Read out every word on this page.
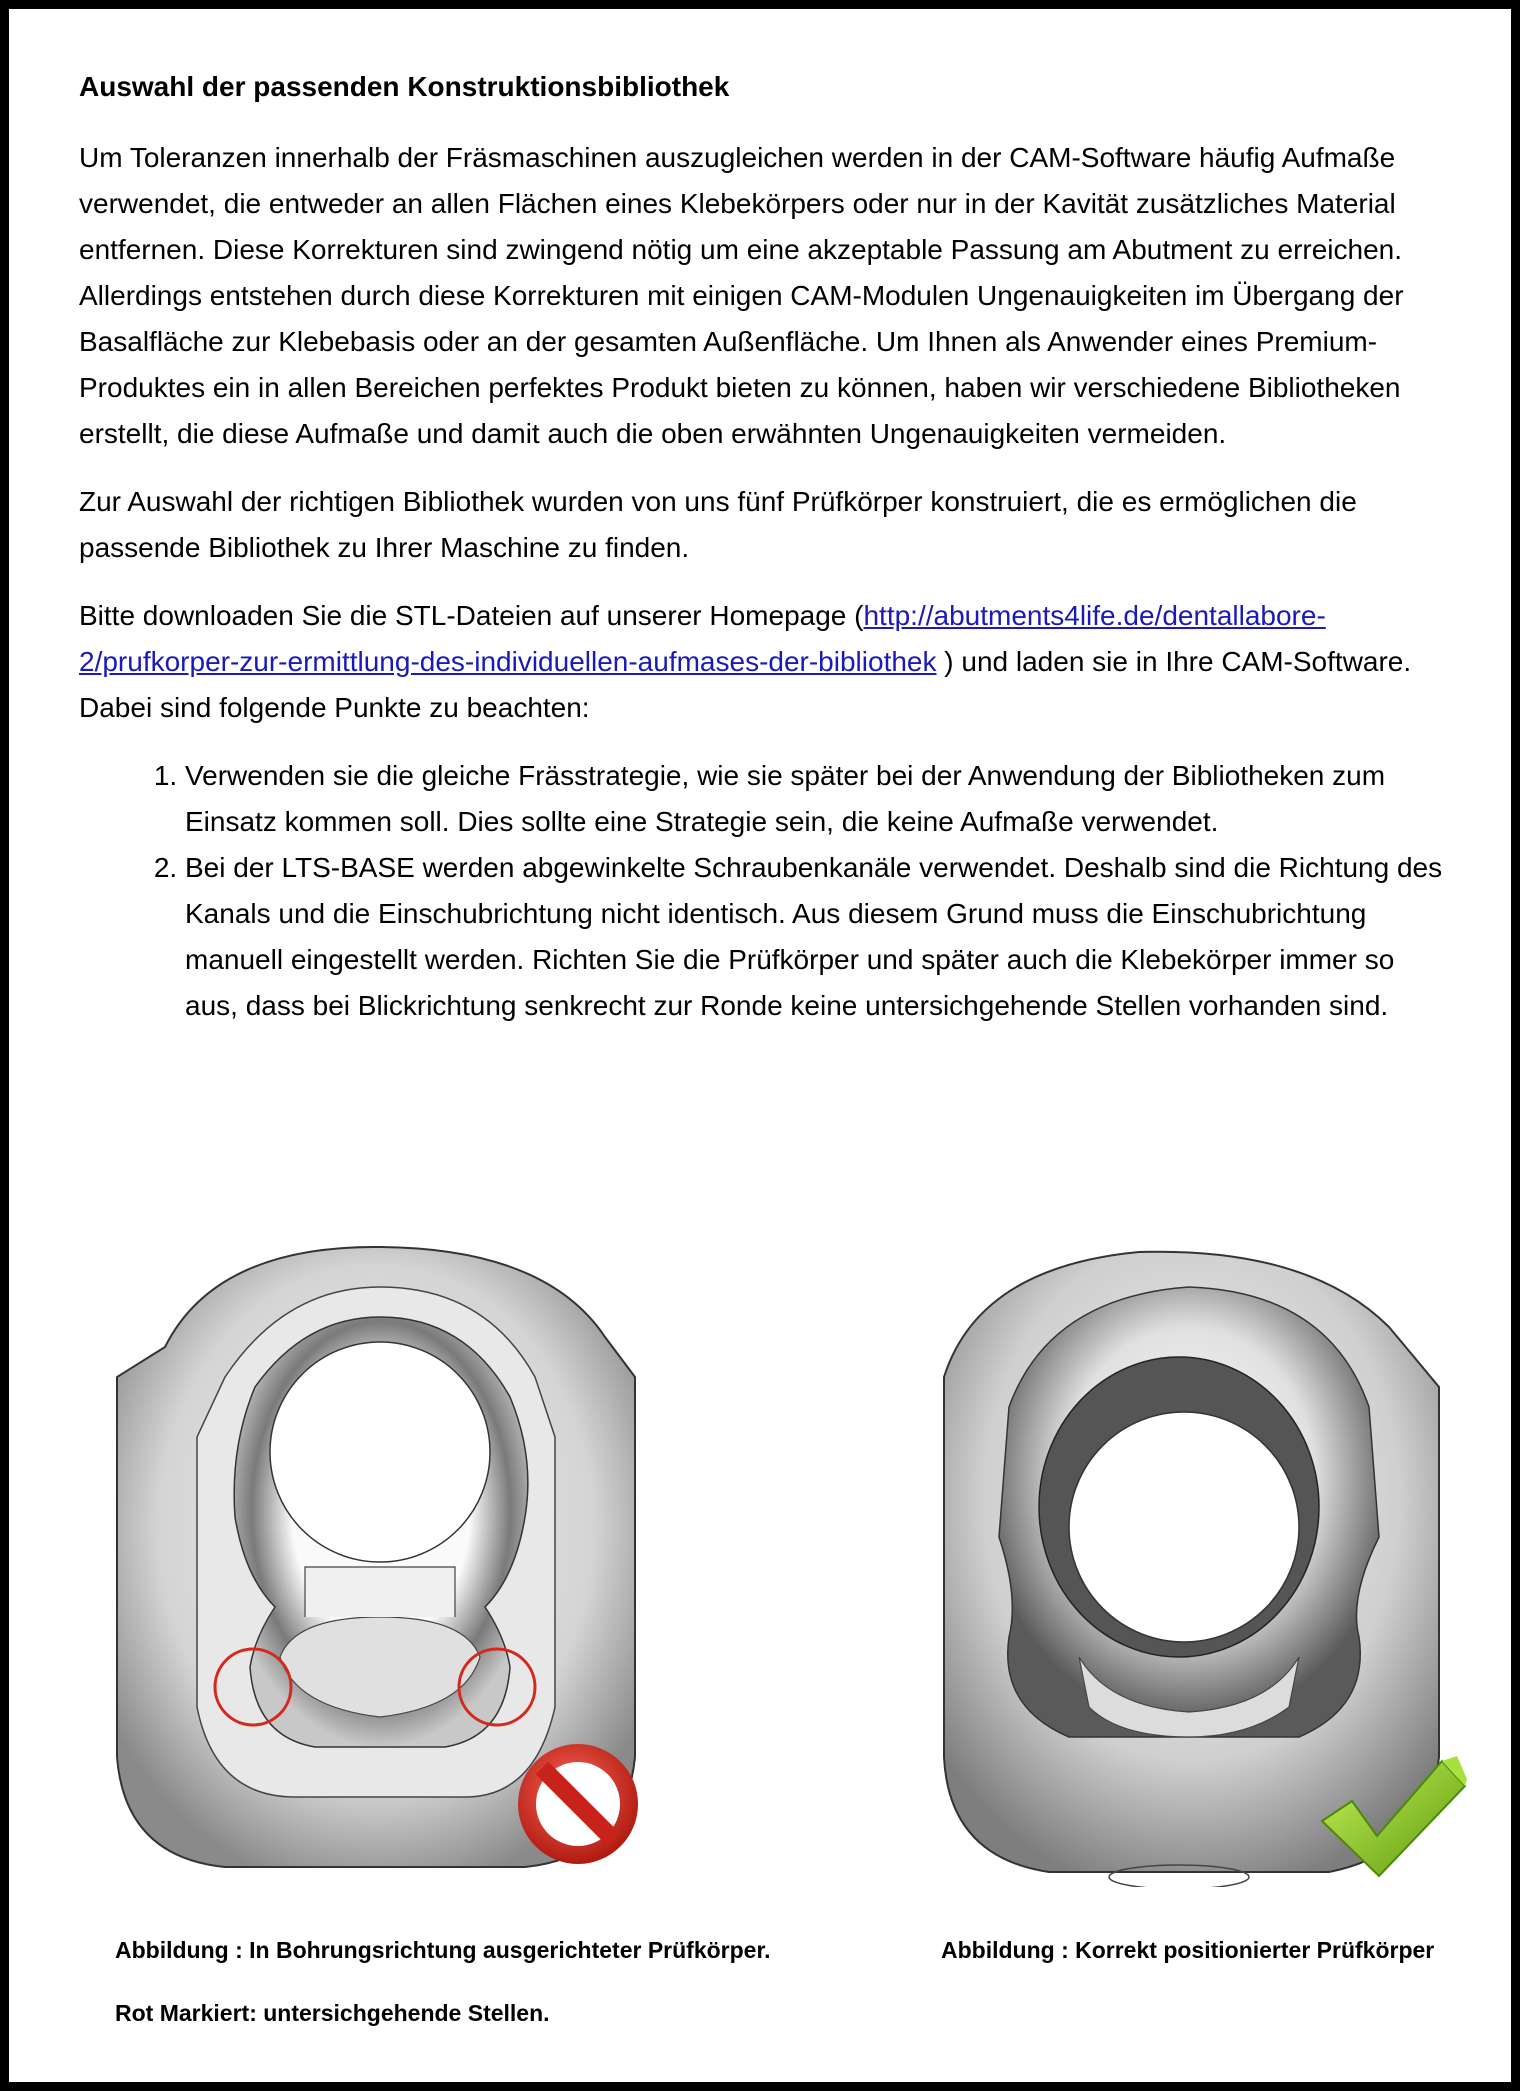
Auswahl der passenden Konstruktionsbibliothek

Um Toleranzen innerhalb der Fräsmaschinen auszugleichen werden in der CAM-Software häufig Aufmaße verwendet, die entweder an allen Flächen eines Klebekörpers oder nur in der Kavität zusätzliches Material entfernen. Diese Korrekturen sind zwingend nötig um eine akzeptable Passung am Abutment zu erreichen. Allerdings entstehen durch diese Korrekturen mit einigen CAM-Modulen Ungenauigkeiten im Übergang der Basalfläche zur Klebebasis oder an der gesamten Außenfläche. Um Ihnen als Anwender eines Premium-Produktes ein in allen Bereichen perfektes Produkt bieten zu können, haben wir verschiedene Bibliotheken erstellt, die diese Aufmaße und damit auch die oben erwähnten Ungenauigkeiten vermeiden.

Zur Auswahl der richtigen Bibliothek wurden von uns fünf Prüfkörper konstruiert, die es ermöglichen die passende Bibliothek zu Ihrer Maschine zu finden.

Bitte downloaden Sie die STL-Dateien auf unserer Homepage (http://abutments4life.de/dentallabore-2/prufkorper-zur-ermittlung-des-individuellen-aufmases-der-bibliothek ) und laden sie in Ihre CAM-Software. Dabei sind folgende Punkte zu beachten:

1. Verwenden sie die gleiche Frässtrategie, wie sie später bei der Anwendung der Bibliotheken zum Einsatz kommen soll. Dies sollte eine Strategie sein, die keine Aufmaße verwendet.
2. Bei der LTS-BASE werden abgewinkelte Schraubenkanäle verwendet. Deshalb sind die Richtung des Kanals und die Einschubrichtung nicht identisch. Aus diesem Grund muss die Einschubrichtung manuell eingestellt werden. Richten Sie die Prüfkörper und später auch die Klebekörper immer so aus, dass bei Blickrichtung senkrecht zur Ronde keine untersichgehende Stellen vorhanden sind.
Abbildung : In Bohrungsrichtung ausgerichteter Prüfkörper.
Rot Markiert: untersichgehende Stellen.
Abbildung : Korrekt positionierter Prüfkörper
